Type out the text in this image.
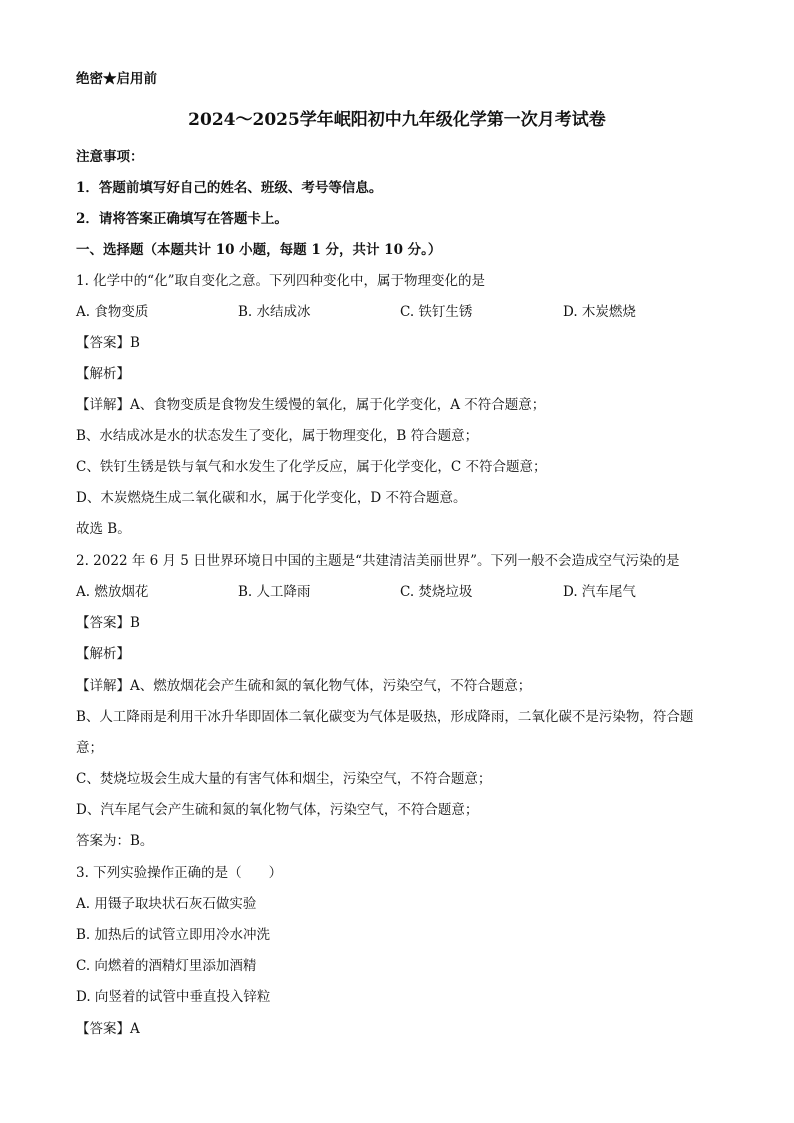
绝密★启用前
2024～2025学年岷阳初中九年级化学第一次月考试卷
注意事项：
1．答题前填写好自己的姓名、班级、考号等信息。
2．请将答案正确填写在答题卡上。
一、选择题（本题共计 10 小题，每题 1 分，共计 10 分。）
1. 化学中的“化”取自变化之意。下列四种变化中，属于物理变化的是
A. 食物变质	B. 水结成冰	C. 铁钉生锈	D. 木炭燃烧
【答案】B
【解析】
【详解】A、食物变质是食物发生缓慢的氧化，属于化学变化，A 不符合题意；
B、水结成冰是水的状态发生了变化，属于物理变化，B 符合题意；
C、铁钉生锈是铁与氧气和水发生了化学反应，属于化学变化，C 不符合题意；
D、木炭燃烧生成二氧化碳和水，属于化学变化，D 不符合题意。
故选 B。
2. 2022 年 6 月 5 日世界环境日中国的主题是“共建清洁美丽世界”。下列一般不会造成空气污染的是
A. 燃放烟花	B. 人工降雨	C. 焚烧垃圾	D. 汽车尾气
【答案】B
【解析】
【详解】A、燃放烟花会产生硫和氮的氧化物气体，污染空气，不符合题意；
B、人工降雨是利用干冰升华即固体二氧化碳变为气体是吸热，形成降雨，二氧化碳不是污染物，符合题
意；
C、焚烧垃圾会生成大量的有害气体和烟尘，污染空气，不符合题意；
D、汽车尾气会产生硫和氮的氧化物气体，污染空气，不符合题意；
答案为：B。
3. 下列实验操作正确的是（　　）
A. 用镊子取块状石灰石做实验
B. 加热后的试管立即用冷水冲洗
C. 向燃着的酒精灯里添加酒精
D. 向竖着的试管中垂直投入锌粒
【答案】A
